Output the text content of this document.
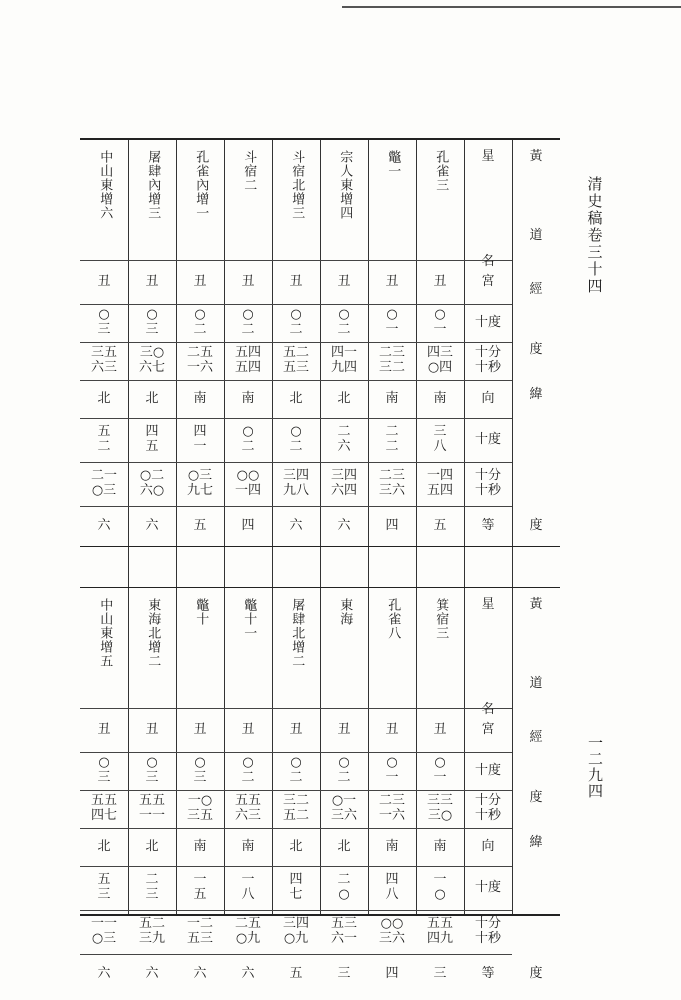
清史稿卷三十四
一二九四
孔雀三
丑
○
一
四三
○四
南
三
八
一四
五四
五
鼈一
丑
○
一
二三
三二
南
二
二
二三
三六
四
宗人東增四
丑
○
二
四一
九四
北
二
六
三四
六四
六
斗宿北增三
丑
○
二
五二
五三
北
○
二
三四
九八
六
斗宿二
丑
○
二
五四
五四
南
○
二
○○
一四
四
孔雀內增一
丑
○
二
二五
一六
南
四
一
○三
九七
五
屠肆內增三
丑
○
三
三○
六七
北
四
五
○二
六○
六
中山東增六
丑
○
三
三五
六三
北
五
二
二一
○三
六
星
名
宮
十度
十分
十秒
向
十度
十分
十秒
等
黃
道
經
度
緯
度
箕宿三
丑
○
一
三三
三○
南
一
○
五五
四九
三
孔雀八
丑
○
一
二三
一六
南
四
八
○○
三六
四
東海
丑
○
二
○一
三六
北
二
○
五三
六一
三
屠肆北增二
丑
○
二
三二
五二
北
四
七
三四
○九
五
鼈十一
丑
○
二
五五
六三
南
一
八
二五
○九
六
鼈十
丑
○
三
一○
三五
南
一
五
一二
五三
六
東海北增二
丑
○
三
五五
一一
北
二
三
五二
三九
六
中山東增五
丑
○
三
五五
四七
北
五
三
一一
○三
六
星
名
宮
十度
十分
十秒
向
十度
十分
十秒
等
黃
道
經
度
緯
度
